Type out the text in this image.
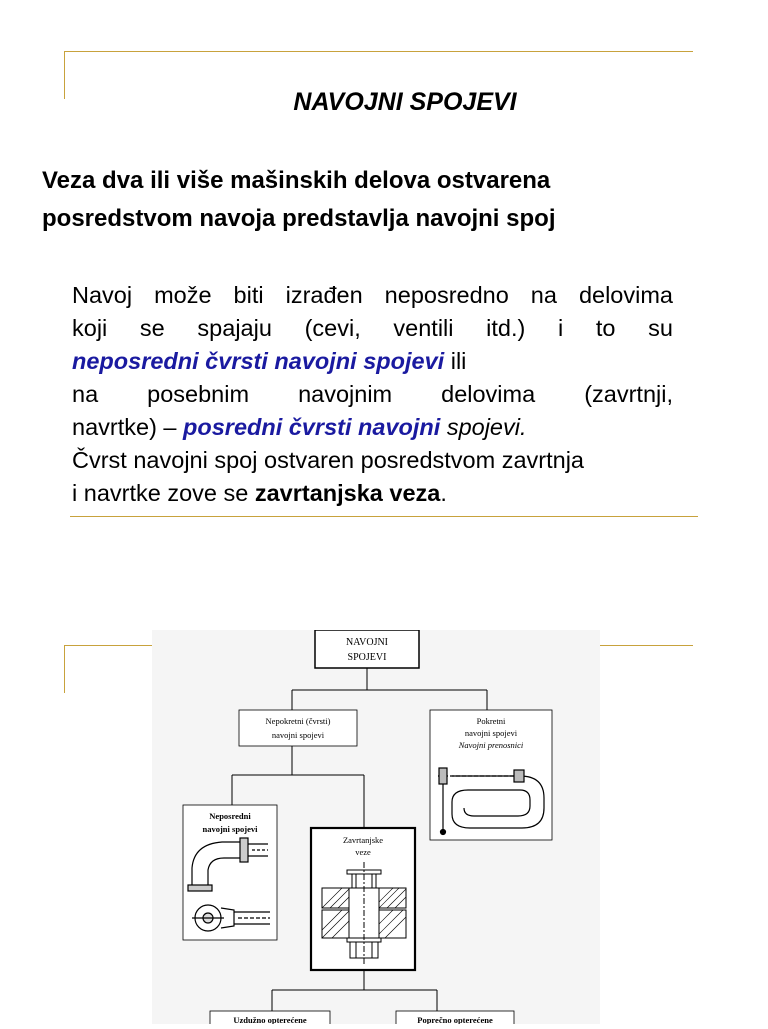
NAVOJNI SPOJEVI
Veza dva ili više mašinskih delova ostvarena
posredstvom navoja predstavlja navojni spoj
Navoj može biti izrađen neposredno na delovima
koji se spajaju (cevi, ventili itd.) i to su
neposredni čvrsti navojni spojevi ili
na posebnim navojnim delovima (zavrtnji,
navrtke) – posredni čvrsti navojni spojevi.
Čvrst navojni spoj ostvaren posredstvom zavrtnja
i navrtke zove se zavrtanjska veza.
NAVOJNI
SPOJEVI
Nepokretni (čvrsti)
navojni spojevi
Pokretni
navojni spojevi
Navojni prenosnici
Neposredni
navojni spojevi
Zavrtanjske
veze
Uzdužno opterećene	Poprečno opterećene
